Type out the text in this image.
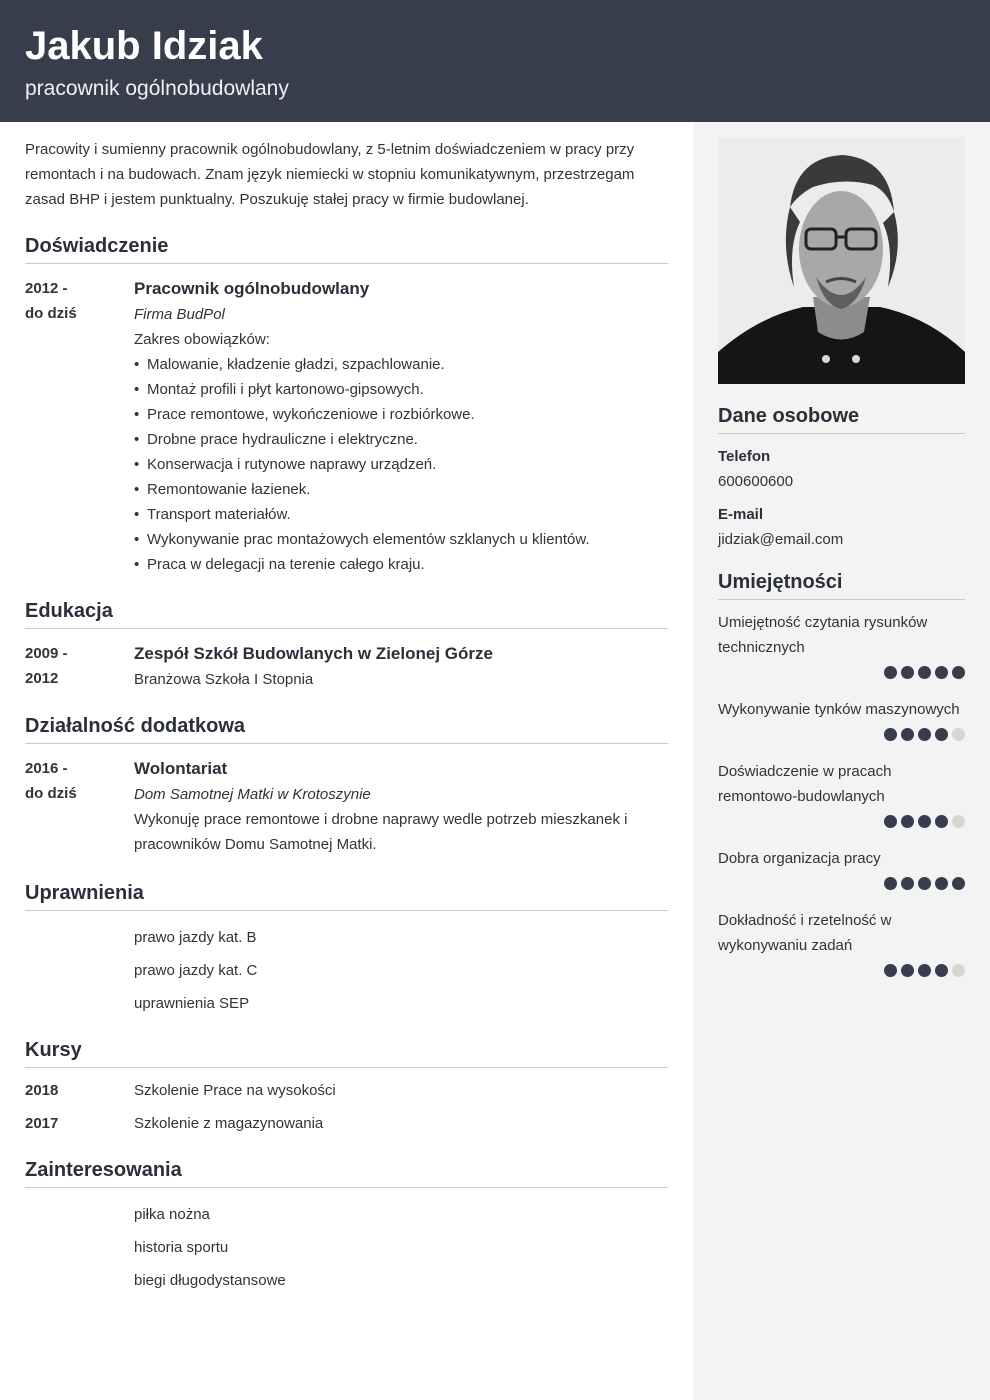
Jakub Idziak
pracownik ogólnobudowlany

Pracowity i sumienny pracownik ogólnobudowlany, z 5-letnim doświadczeniem w pracy przy remontach i na budowach. Znam język niemiecki w stopniu komunikatywnym, przestrzegam zasad BHP i jestem punktualny. Poszukuję stałej pracy w firmie budowlanej.

Doświadczenie
2012 -
do dziś
Pracownik ogólnobudowlany
Firma BudPol
Zakres obowiązków:
• Malowanie, kładzenie gładzi, szpachlowanie.
• Montaż profili i płyt kartonowo-gipsowych.
• Prace remontowe, wykończeniowe i rozbiórkowe.
• Drobne prace hydrauliczne i elektryczne.
• Konserwacja i rutynowe naprawy urządzeń.
• Remontowanie łazienek.
• Transport materiałów.
• Wykonywanie prac montażowych elementów szklanych u klientów.
• Praca w delegacji na terenie całego kraju.
Edukacja
2009 -
2012
Zespół Szkół Budowlanych w Zielonej Górze
Branżowa Szkoła I Stopnia
Działalność dodatkowa
2016 -
do dziś
Wolontariat
Dom Samotnej Matki w Krotoszynie
Wykonuję prace remontowe i drobne naprawy wedle potrzeb mieszkanek i pracowników Domu Samotnej Matki.
Uprawnienia
prawo jazdy kat. B
prawo jazdy kat. C
uprawnienia SEP
Kursy
2018	Szkolenie Prace na wysokości
2017	Szkolenie z magazynowania
Zainteresowania
piłka nożna
historia sportu
biegi długodystansowe
Dane osobowe
Telefon
600600600
E-mail
jidziak@email.com
Umiejętności
Umiejętność czytania rysunków technicznych
Wykonywanie tynków maszynowych
Doświadczenie w pracach remontowo-budowlanych
Dobra organizacja pracy
Dokładność i rzetelność w wykonywaniu zadań
